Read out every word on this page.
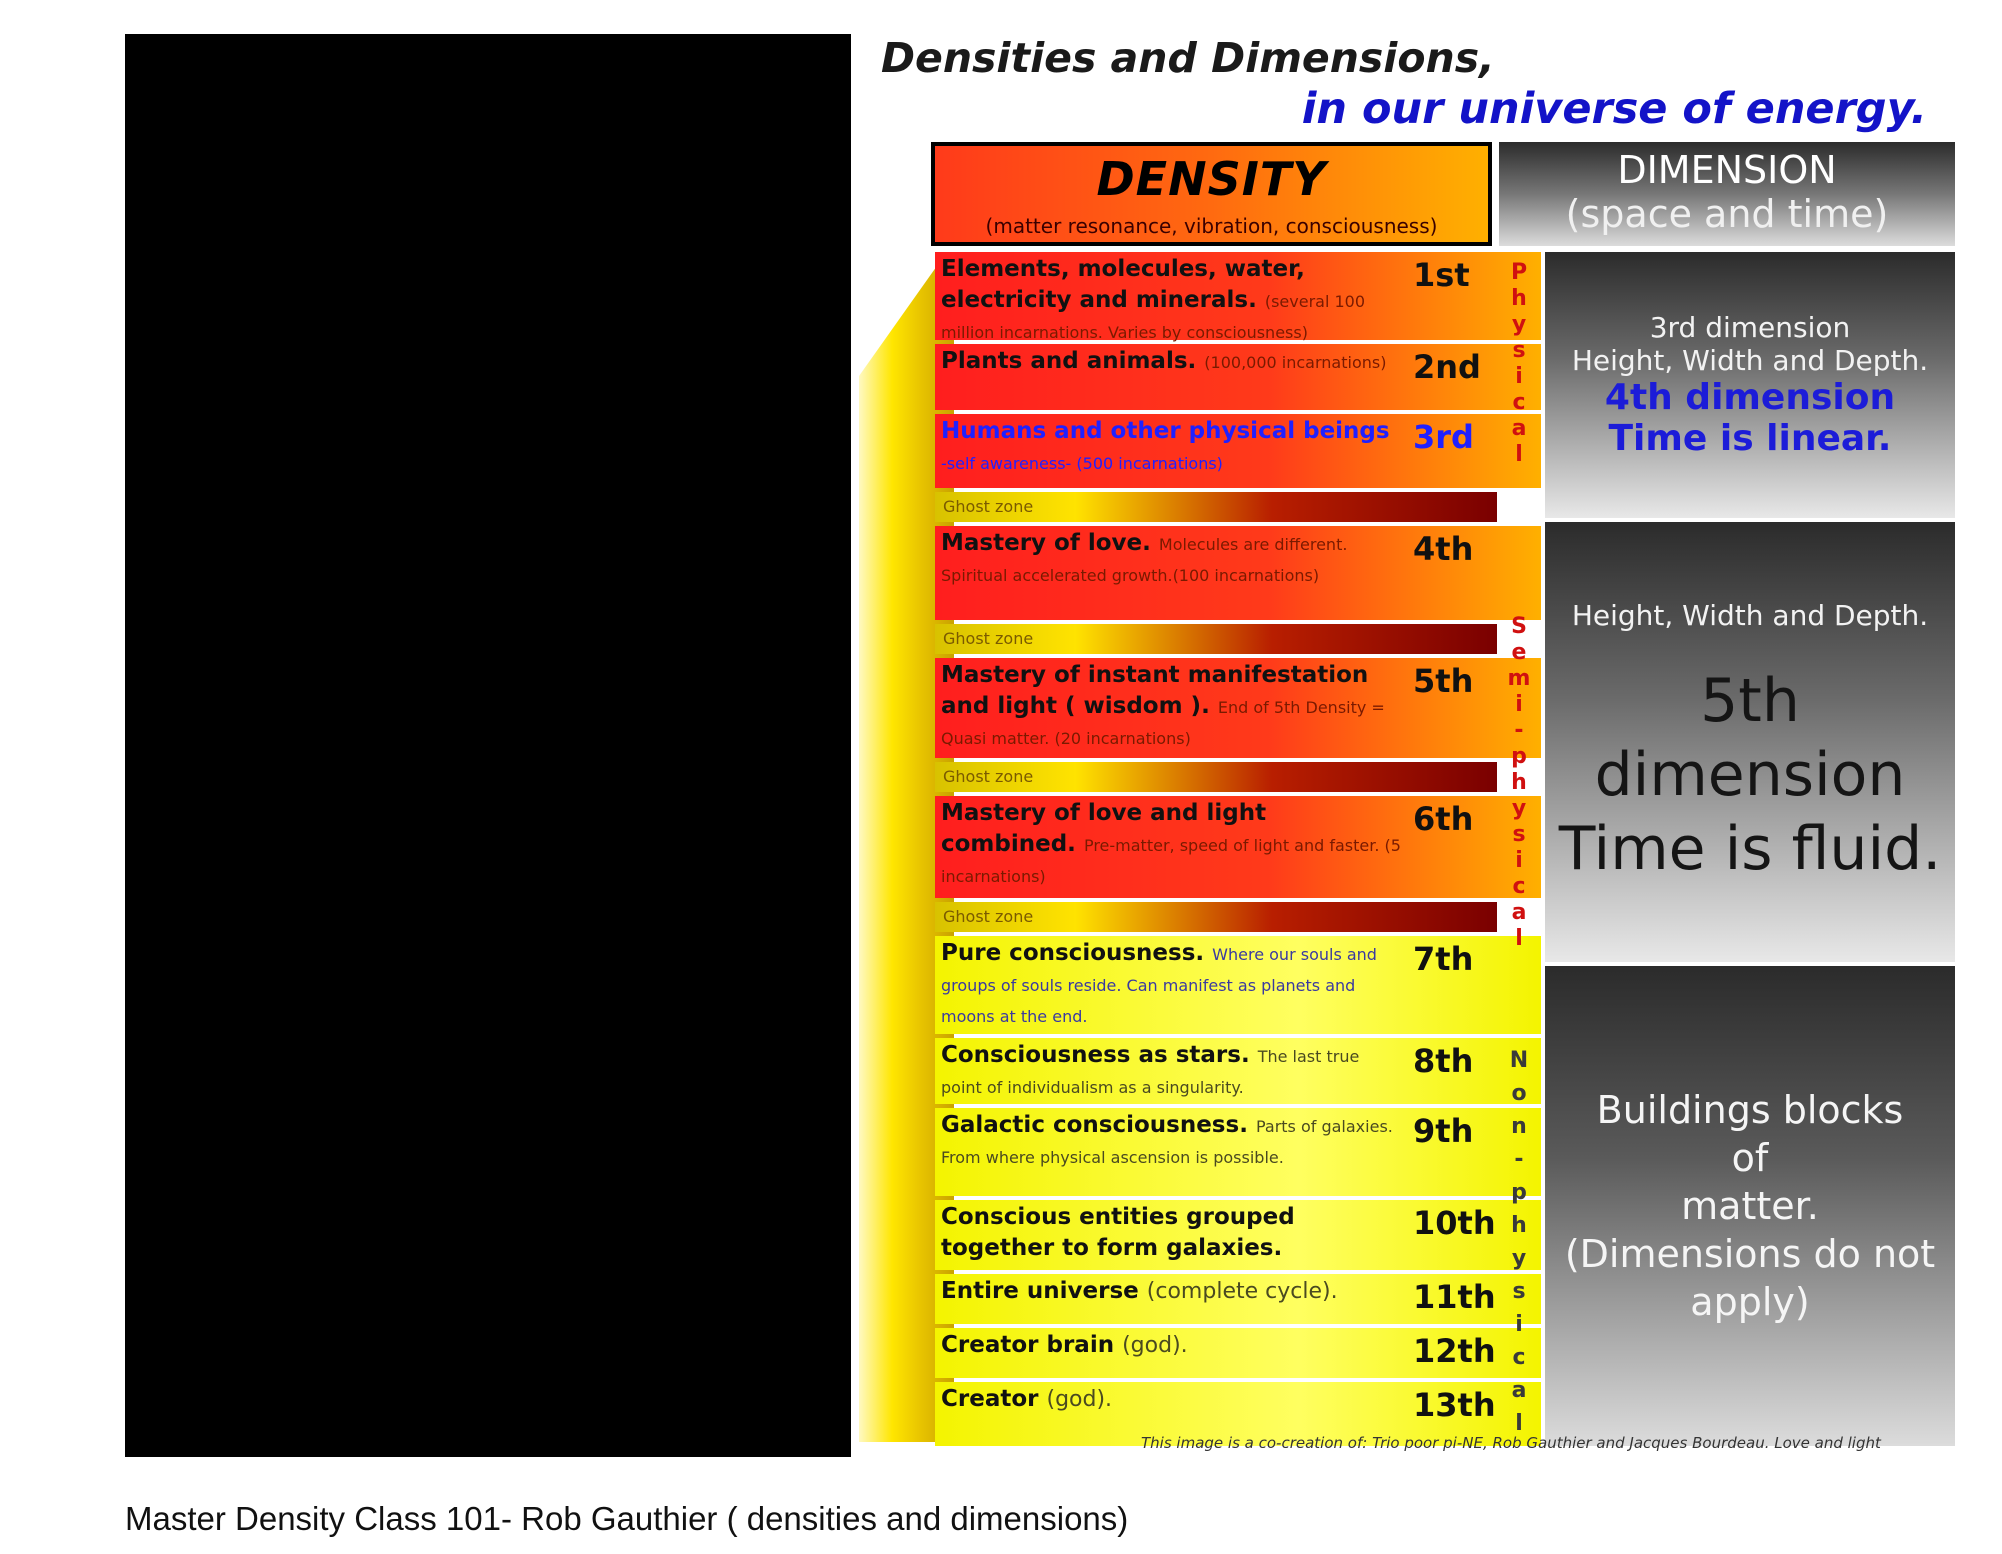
Densities and Dimensions,
in our universe of energy.
DENSITY
(matter resonance, vibration, consciousness)
DIMENSION
(space and time)
Elements, molecules, water, electricity and minerals. (several 100 million incarnations. Varies by consciousness)
1st
Plants and animals. (100,000 incarnations) 2nd
Humans and other physical beings -self awareness- (500 incarnations)
3rd
Ghost zone
Mastery of love. Molecules are different. Spiritual accelerated growth.(100 incarnations)
4th
Ghost zone
Mastery of instant manifestation and light ( wisdom ). End of 5th Density = Quasi matter. (20 incarnations)
5th
Ghost zone
Mastery of love and light combined. Pre-matter, speed of light and faster. (5 incarnations)
6th
Ghost zone
Pure consciousness. Where our souls and groups of souls reside. Can manifest as planets and moons at the end.
7th
Consciousness as stars. The last true point of individualism as a singularity.
8th
Galactic consciousness. Parts of galaxies. From where physical ascension is possible.
9th
Conscious entities grouped together to form galaxies.
10th
Entire universe (complete cycle).	11th
Creator brain (god).	12th
Creator (god).	13th
P
h
y
s
i
c
a
l
S
e
m
i
-
p
h
y
s
i
c
a
l
N
o
n
-
p
h
y
s
i
c
a
l
3rd dimension
Height, Width and Depth.
4th dimension
Time is linear.
Height, Width and Depth.
5th dimension
Time is fluid.
Buildings blocks
of
matter.
(Dimensions do not
apply)
This image is a co-creation of: Trio poor pi-NE, Rob Gauthier and Jacques Bourdeau. Love and light
Master Density Class 101- Rob Gauthier ( densities and dimensions)
